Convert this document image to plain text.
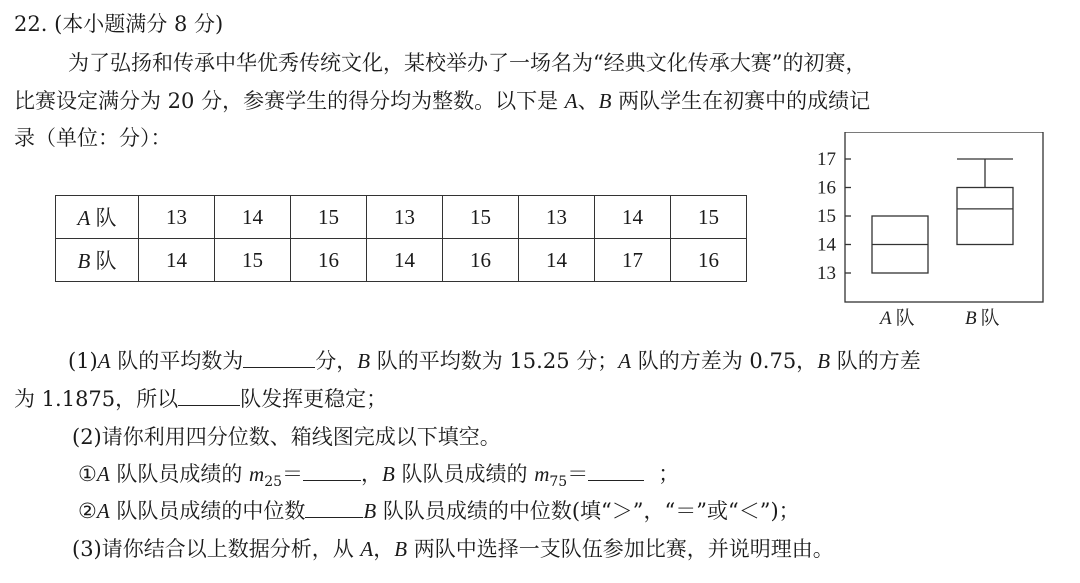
22. (本小题满分 8 分)
为了弘扬和传承中华优秀传统文化，某校举办了一场名为“经典文化传承大赛”的初赛，
比赛设定满分为 20 分，参赛学生的得分均为整数。以下是 A、B 两队学生在初赛中的成绩记
录（单位：分）：
A 队	13	14	15	13	15	13	14	15
B 队	14	15	16	14	16	14	17	16
13
14
15
16
17
A 队	B 队
(1)A 队的平均数为	分，B 队的平均数为 15.25 分；A 队的方差为 0.75，B 队的方差
为 1.1875，所以	队发挥更稳定；
(2)请你利用四分位数、箱线图完成以下填空。
①A 队队员成绩的 $m_{25}=$	，B 队队员成绩的 $m_{75}=$	；
②A 队队员成绩的中位数	B 队队员成绩的中位数(填“＞”，“＝”或“＜”)；
(3)请你结合以上数据分析，从 A，B 两队中选择一支队伍参加比赛，并说明理由。
